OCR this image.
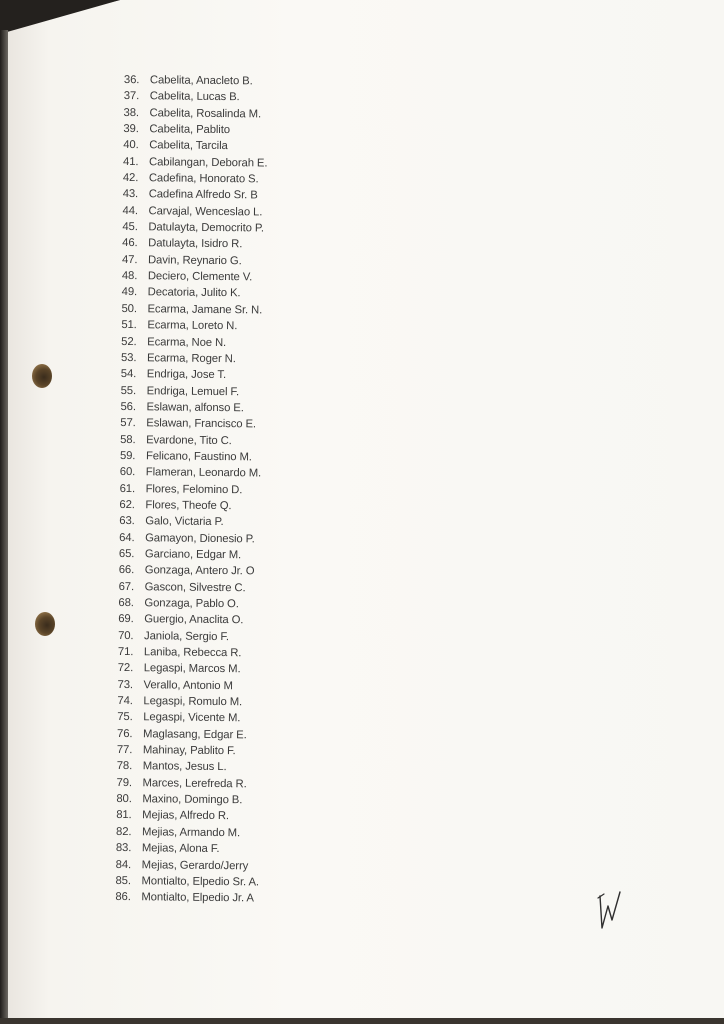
36. Cabelita, Anacleto B.
37. Cabelita, Lucas B.
38. Cabelita, Rosalinda M.
39. Cabelita, Pablito
40. Cabelita, Tarcila
41. Cabilangan, Deborah E.
42. Cadefina, Honorato S.
43. Cadefina Alfredo Sr. B
44. Carvajal, Wenceslao L.
45. Datulayta, Democrito P.
46. Datulayta, Isidro R.
47. Davin, Reynario G.
48. Deciero, Clemente V.
49. Decatoria, Julito K.
50. Ecarma, Jamane Sr. N.
51. Ecarma, Loreto N.
52. Ecarma, Noe N.
53. Ecarma, Roger N.
54. Endriga, Jose T.
55. Endriga, Lemuel F.
56. Eslawan, alfonso E.
57. Eslawan, Francisco E.
58. Evardone, Tito C.
59. Felicano, Faustino M.
60. Flameran, Leonardo M.
61. Flores, Felomino D.
62. Flores, Theofe Q.
63. Galo, Victaria P.
64. Gamayon, Dionesio P.
65. Garciano, Edgar M.
66. Gonzaga, Antero Jr. O
67. Gascon, Silvestre C.
68. Gonzaga, Pablo O.
69. Guergio, Anaclita O.
70. Janiola, Sergio F.
71. Laniba, Rebecca R.
72. Legaspi, Marcos M.
73. Verallo, Antonio M
74. Legaspi, Romulo M.
75. Legaspi, Vicente M.
76. Maglasang, Edgar E.
77. Mahinay, Pablito F.
78. Mantos, Jesus L.
79. Marces, Lerefreda R.
80. Maxino, Domingo B.
81. Mejias, Alfredo R.
82. Mejias, Armando M.
83. Mejias, Alona F.
84. Mejias, Gerardo/Jerry
85. Montialto, Elpedio Sr. A.
86. Montialto, Elpedio Jr. A
